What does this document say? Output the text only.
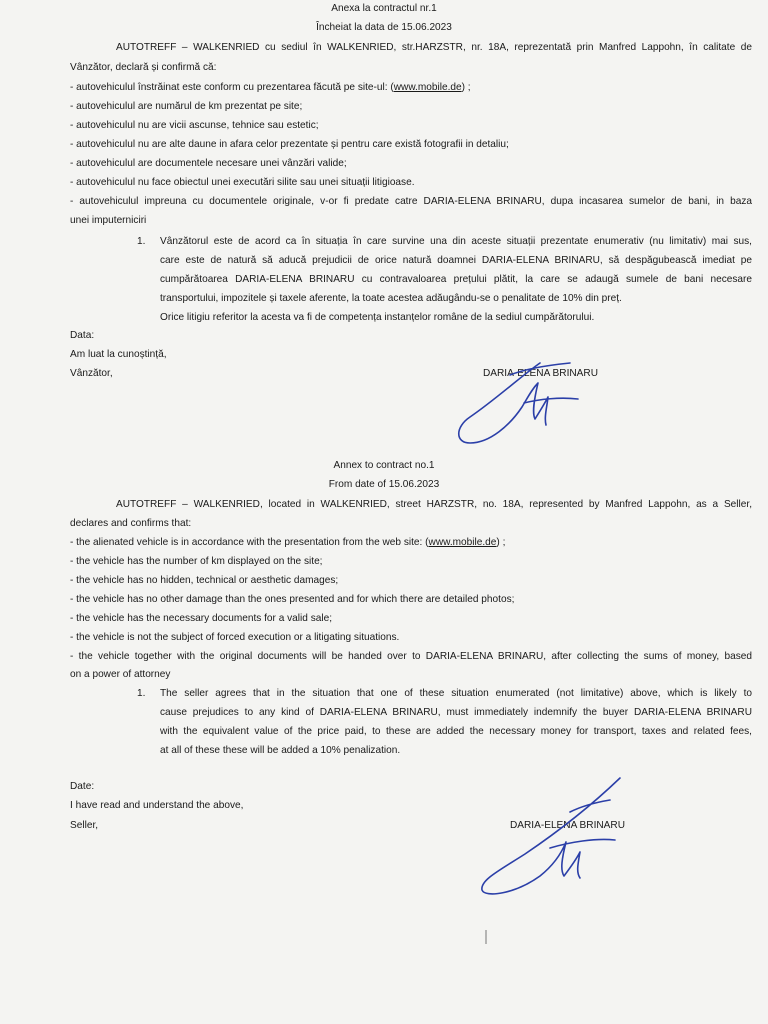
Anexa la contractul nr.1
Încheiat la data de 15.06.2023
AUTOTREFF – WALKENRIED cu sediul în WALKENRIED, str.HARZSTR, nr. 18A, reprezentată prin Manfred Lappohn, în calitate de
Vânzător, declară și confirmă că:
- autovehiculul înstrăinat este conform cu prezentarea făcută pe site-ul: (www.mobile.de) ;
- autovehiculul are numărul de km prezentat pe site;
- autovehiculul nu are vicii ascunse, tehnice sau estetic;
- autovehiculul nu are alte daune in afara celor prezentate și pentru care există fotografii in detaliu;
- autovehiculul are documentele necesare unei vânzări valide;
- autovehiculul nu face obiectul unei executări silite sau unei situații litigioase.
- autovehiculul impreuna cu documentele originale, v-or fi predate catre DARIA-ELENA BRINARU, dupa incasarea sumelor de bani, in baza
unei imputerniciri
1. Vânzătorul este de acord ca în situația în care survine una din aceste situații prezentate enumerativ (nu limitativ) mai sus,
care este de natură să aducă prejudicii de orice natură doamnei DARIA-ELENA BRINARU, să despăgubească imediat pe
cumpărătoarea DARIA-ELENA BRINARU cu contravaloarea prețului plătit, la care se adaugă sumele de bani necesare
transportului, impozitele și taxele aferente, la toate acestea adăugându-se o penalitate de 10% din preț.
Orice litigiu referitor la acesta va fi de competența instanțelor române de la sediul cumpărătorului.
Data:
Am luat la cunoștință,
Vânzător,	DARIA-ELENA BRINARU
Annex to contract no.1
From date of 15.06.2023
AUTOTREFF – WALKENRIED, located in WALKENRIED, street HARZSTR, no. 18A, represented by Manfred Lappohn, as a Seller,
declares and confirms that:
- the alienated vehicle is in accordance with the presentation from the web site: (www.mobile.de) ;
- the vehicle has the number of km displayed on the site;
- the vehicle has no hidden, technical or aesthetic damages;
- the vehicle has no other damage than the ones presented and for which there are detailed photos;
- the vehicle has the necessary documents for a valid sale;
- the vehicle is not the subject of forced execution or a litigating situations.
- the vehicle together with the original documents will be handed over to DARIA-ELENA BRINARU, after collecting the sums of money, based
on a power of attorney
1. The seller agrees that in the situation that one of these situation enumerated (not limitative) above, which is likely to
cause prejudices to any kind of DARIA-ELENA BRINARU, must immediately indemnify the buyer DARIA-ELENA BRINARU
with the equivalent value of the price paid, to these are added the necessary money for transport, taxes and related fees,
at all of these these will be added a 10% penalization.
Date:
I have read and understand the above,
Seller,	DARIA-ELENA BRINARU
